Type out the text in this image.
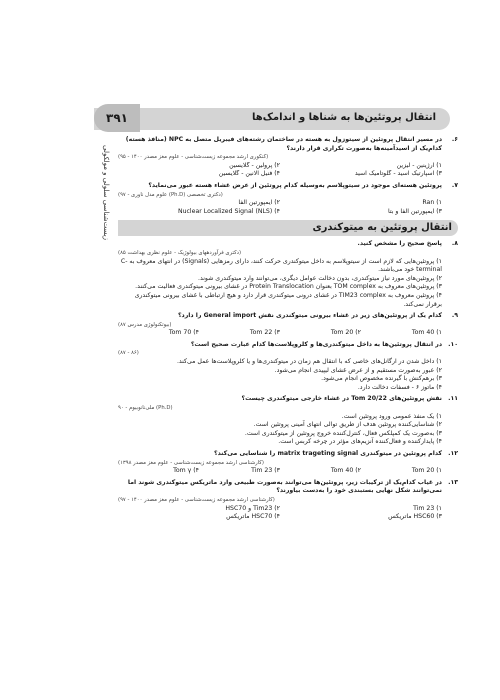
انتقال پروتئین‌ها به شناها و اندامک‌ها
۳۹۱
زیست‌شناسی سلولی و مولکولی
۶.
در مسیر انتقال پروتئین از سیتوزول به هسته در ساختمان رشته‌های فیبریل متصل به NPC (منافذ هسته) کدام‌یک از اسیدآمینه‌ها به‌صورت تکراری قرار دارند؟
(کنکوری ارشد مجموعه زیست‌شناسی - علوم مغز مصدر ۱۴۰۰ - ۹۵)
۱) آرژینین - لیزین
۲) پرولین - گلایسین
۳) آسپارتیک اسید - گلوتامیک اسید
۴) فنیل آلانین - گلایسین
۷.
پروتئین هسته‌ای موجود در سیتوپلاسم به‌وسیله کدام پروتئین از عرض غشاء هسته عبور می‌نماید؟
(دکتری تخصصی (Ph.D) علوم مدل ناوری - ۹۷)
۱) Ran
۲) ایمپورتین آلفا
۳) ایمپورتین آلفا و بتا
۴) Nuclear Localized Signal (NLS)
انتقال پروتئین به میتوکندری
۸.
پاسخ صحیح را مشخص کنید.
(دکتری فرآوردههای بیولوژیک - علوم نظری بهداشت ۸۵)

۱) پروتئین‌هایی که لازم است از سیتوپلاسم به داخل میتوکندری حرکت کنند، دارای رمزهایی (Signals) در انتهای معروف به C-terminal خود می‌باشند.

۲) پروتئین‌های مورد نیاز میتوکندری، بدون دخالت عوامل دیگری، می‌توانند وارد میتوکندری شوند.

۳) پروتئین‌های معروف به TOM complex بعنوان Protein Translocation در غشای بیرونی میتوکندری فعالیت می‌کنند.

۴) پروتئین معروف به TIM23 complex در غشای درونی میتوکندری قرار دارد و هیچ ارتباطی با غشای بیرونی میتوکندری برقرار نمی‌کند.

۹.
کدام یک از پروتئین‌های زیر در غشاء بیرونی میتوکندری نقش General import را دارد؟
(بیوتکنولوژی مدرس ۸۷)
۱) Tom 40
۲) Tom 20
۳) Tom 22
۴) Tom 70
۱۰.
در انتقال پروتئین‌ها به داخل میتوکندری‌ها و کلروپلاست‌ها کدام عبارت صحیح است؟
(۸۶ - ۸۷)

۱) داخل شدن در ارگانل‌های خاصی که با انتقال هم زمان در میتوکندری‌ها و یا کلروپلاست‌ها عمل می‌کند.

۲) عبور به‌صورت مستقیم و از عرض غشای لیپیدی انجام می‌شود.

۳) برهم‌کنش با گیرنده مخصوص انجام می‌شود.

۴) ماتوز ۶ - فسفات دخالت دارد.

۱۱.
نقش پروتئین‌های Tom 20/22 در غشاء خارجی میتوکندری چیست؟
(Ph.D) ملی‌نانوبیوم - ۹۰

۱) یک منفذ عمومی ورود پروتئین است.

۲) شناسایی‌کننده پروتئین هدف از طریق توالی انتهای آمینی پروتئین است.

۳) به‌صورت یک کمپلکس فعال، کنترل‌کننده خروج پروتئین از میتوکندری است.

۴) پایدار‌کننده و فعال‌کننده آنزیم‌های مؤثر در چرخه کربس است.

۱۲.
کدام پروتئین در میتوکندری matrix trageting signal را شناسایی می‌کند؟
(کارشناسی ارشد مجموعه زیست‌شناسی - علوم مغز مصدر ۱۳۹۸)
۱) Tom 20
۲) Tom 40
۳) Tim 23
۴) Tom γ
۱۳.
در غیاب کدام‌یک از ترکیبات زیر، پروتئین‌ها می‌توانند به‌صورت طبیعی وارد ماتریکس میتوکندری شوند اما نمی‌توانند شکل نهایی بستبندی خود را به‌دست بیاورند؟
(کارشناسی ارشد مجموعه زیست‌شناسی - علوم مغز مصدر ۱۴۰۰ - ۹۷)
۱) Tim 23
۲) Tim23 و HSC70
۳) HSC60 ماتریکس
۴) HSC70 ماتریکس
